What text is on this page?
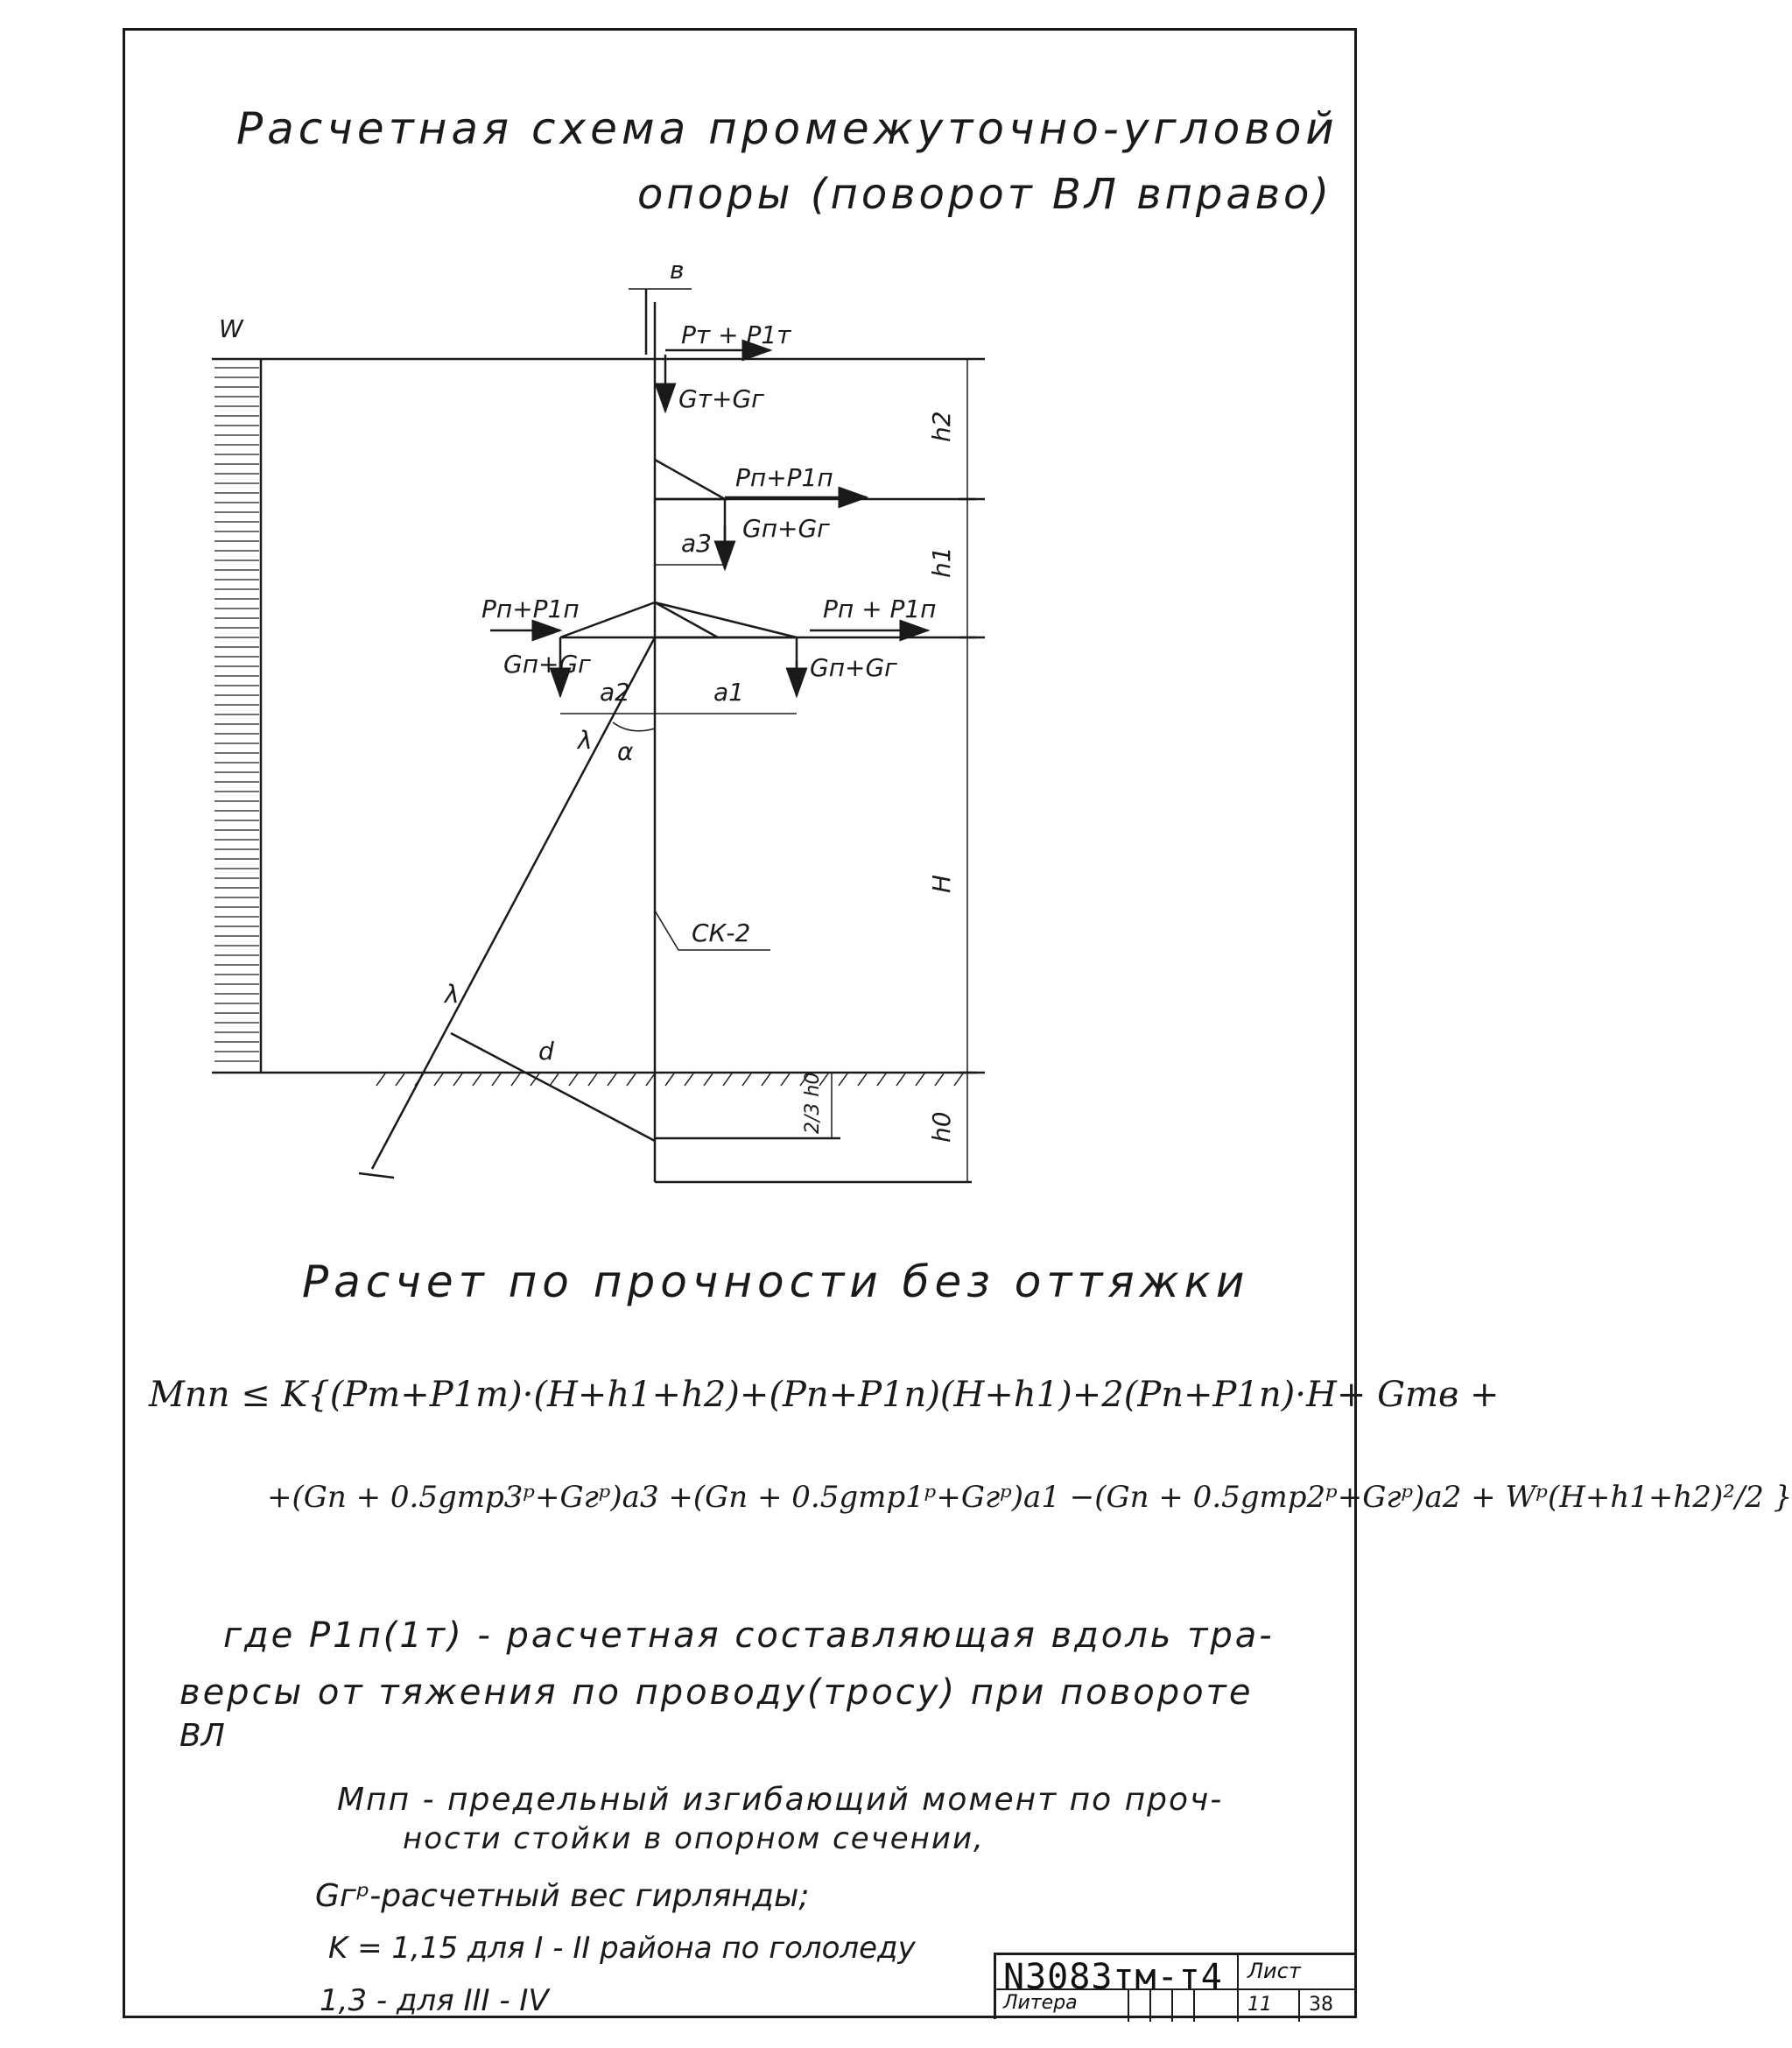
Расчетная схема промежуточно-угловой
опоры (поворот ВЛ вправо)
W
в
Pт + P1т
Gт+Gг
h2
Pп+P1п
Gп+Gг
a3
h1
Pп+P1п
Gп+Gг
Pп + P1п
Gп+Gг
a2	a1
λ α
H
СК-2
λ
d
2/3 h0	h0
Расчет по прочности без оттяжки
Mпп ≤ K{(Pт+P1т)·(H+h1+h2)+(Pп+P1п)(H+h1)+2(Pп+P1п)·H+ Gтв +
+(Gп + 0.5gтр3ᵖ+Gгᵖ)a3 +(Gп + 0.5gтр1ᵖ+Gгᵖ)a1 −(Gп + 0.5gтр2ᵖ+Gгᵖ)a2 + Wᵖ(H+h1+h2)²/2 }
где P1п(1т) - расчетная составляющая вдоль тра-
версы от тяжения по проводу(тросу) при повороте
ВЛ
Мпп - предельный изгибающий момент по проч-
ности стойки в опорном сечении,
Gгᵖ-расчетный вес гирлянды;
K = 1,15 для I - II района по гололеду
1,3 - для III - IV
N3083тм-т4	Лист
Литера	11	38
